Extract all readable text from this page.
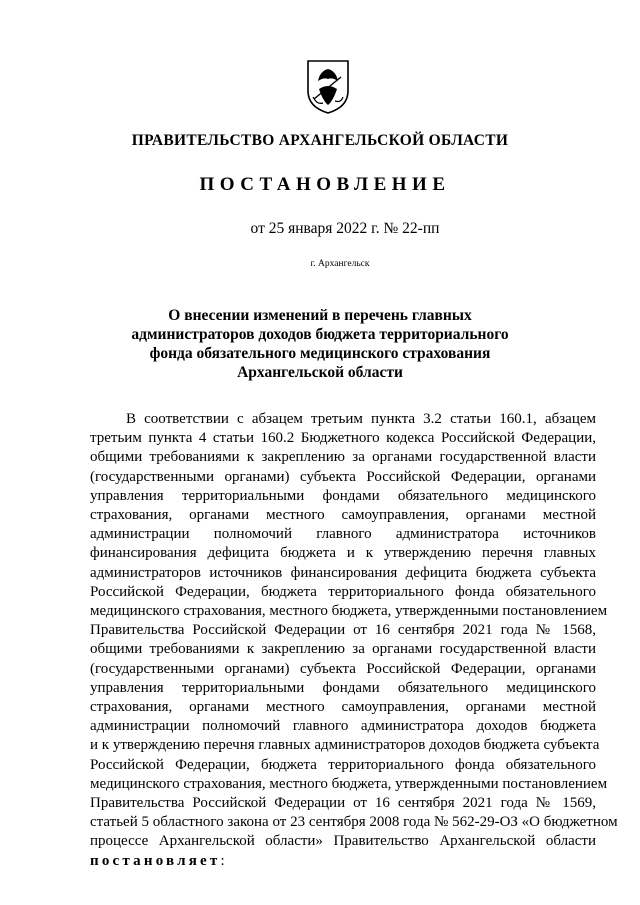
ПРАВИТЕЛЬСТВО АРХАНГЕЛЬСКОЙ ОБЛАСТИ
ПОСТАНОВЛЕНИЕ
от 25 января 2022 г. № 22-пп
г. Архангельск
О внесении изменений в перечень главных
администраторов доходов бюджета территориального
фонда обязательного медицинского страхования
Архангельской области
В соответствии с абзацем третьим пункта 3.2 статьи 160.1, абзацем
третьим пункта 4 статьи 160.2 Бюджетного кодекса Российской Федерации,
общими требованиями к закреплению за органами государственной власти
(государственными органами) субъекта Российской Федерации, органами
управления территориальными фондами обязательного медицинского
страхования, органами местного самоуправления, органами местной
администрации полномочий главного администратора источников
финансирования дефицита бюджета и к утверждению перечня главных
администраторов источников финансирования дефицита бюджета субъекта
Российской Федерации, бюджета территориального фонда обязательного
медицинского страхования, местного бюджета, утвержденными постановлением
Правительства Российской Федерации от 16 сентября 2021 года № 1568,
общими требованиями к закреплению за органами государственной власти
(государственными органами) субъекта Российской Федерации, органами
управления территориальными фондами обязательного медицинского
страхования, органами местного самоуправления, органами местной
администрации полномочий главного администратора доходов бюджета
и к утверждению перечня главных администраторов доходов бюджета субъекта
Российской Федерации, бюджета территориального фонда обязательного
медицинского страхования, местного бюджета, утвержденными постановлением
Правительства Российской Федерации от 16 сентября 2021 года № 1569,
статьей 5 областного закона от 23 сентября 2008 года № 562-29-ОЗ «О бюджетном
процессе Архангельской области» Правительство Архангельской области
постановляет:
